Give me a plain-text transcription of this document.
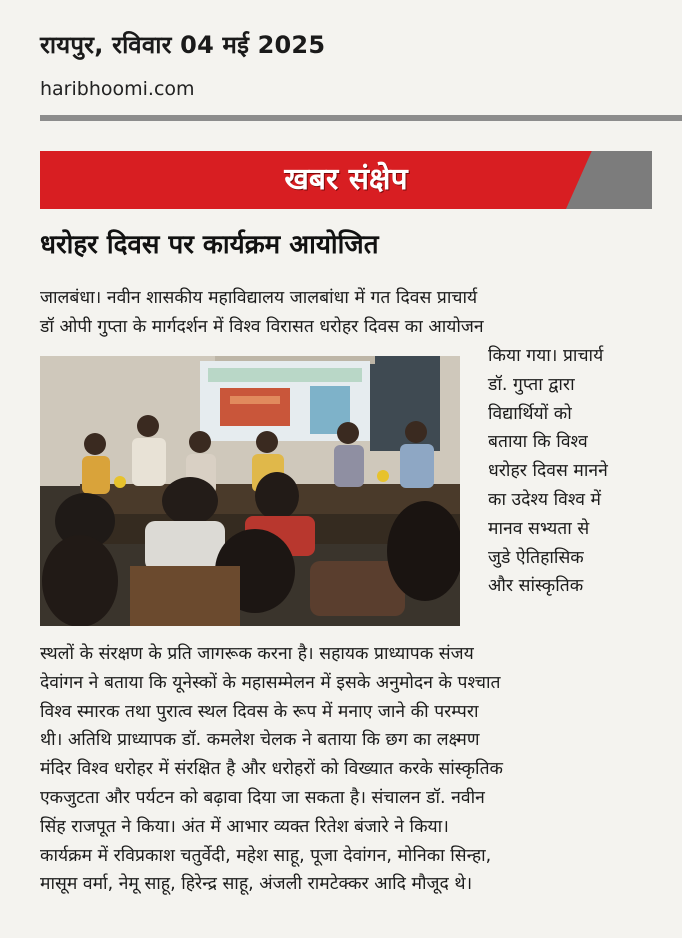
रायपुर, रविवार 04 मई 2025
haribhoomi.com
खबर संक्षेप
धरोहर दिवस पर कार्यक्रम आयोजित

जालबंधा। नवीन शासकीय महाविद्यालय जालबांधा में गत दिवस प्राचार्य
डॉ ओपी गुप्ता के मार्गदर्शन में विश्व विरासत धरोहर दिवस का आयोजन

किया गया। प्राचार्य
डॉ. गुप्ता द्वारा
विद्यार्थियों को
बताया कि विश्व
धरोहर दिवस मानने
का उदेश्य विश्व में
मानव सभ्यता से
जुडे ऐतिहासिक
और सांस्कृतिक

स्थलों के संरक्षण के प्रति जागरूक करना है। सहायक प्राध्यापक संजय
देवांगन ने बताया कि यूनेस्कों के महासम्मेलन में इसके अनुमोदन के पश्चात
विश्व स्मारक तथा पुरात्व स्थल दिवस के रूप में मनाए जाने की परम्परा
थी। अतिथि प्राध्यापक डॉ. कमलेश चेलक ने बताया कि छग का लक्ष्मण
मंदिर विश्व धरोहर में संरक्षित है और धरोहरों को विख्यात करके सांस्कृतिक
एकजुटता और पर्यटन को बढ़ावा दिया जा सकता है। संचालन डॉ. नवीन
सिंह राजपूत ने किया। अंत में आभार व्यक्त रितेश बंजारे ने किया।
कार्यक्रम में रविप्रकाश चतुर्वेदी, महेश साहू, पूजा देवांगन, मोनिका सिन्हा,
मासूम वर्मा, नेमू साहू, हिरेन्द्र साहू, अंजली रामटेक्कर आदि मौजूद थे।
